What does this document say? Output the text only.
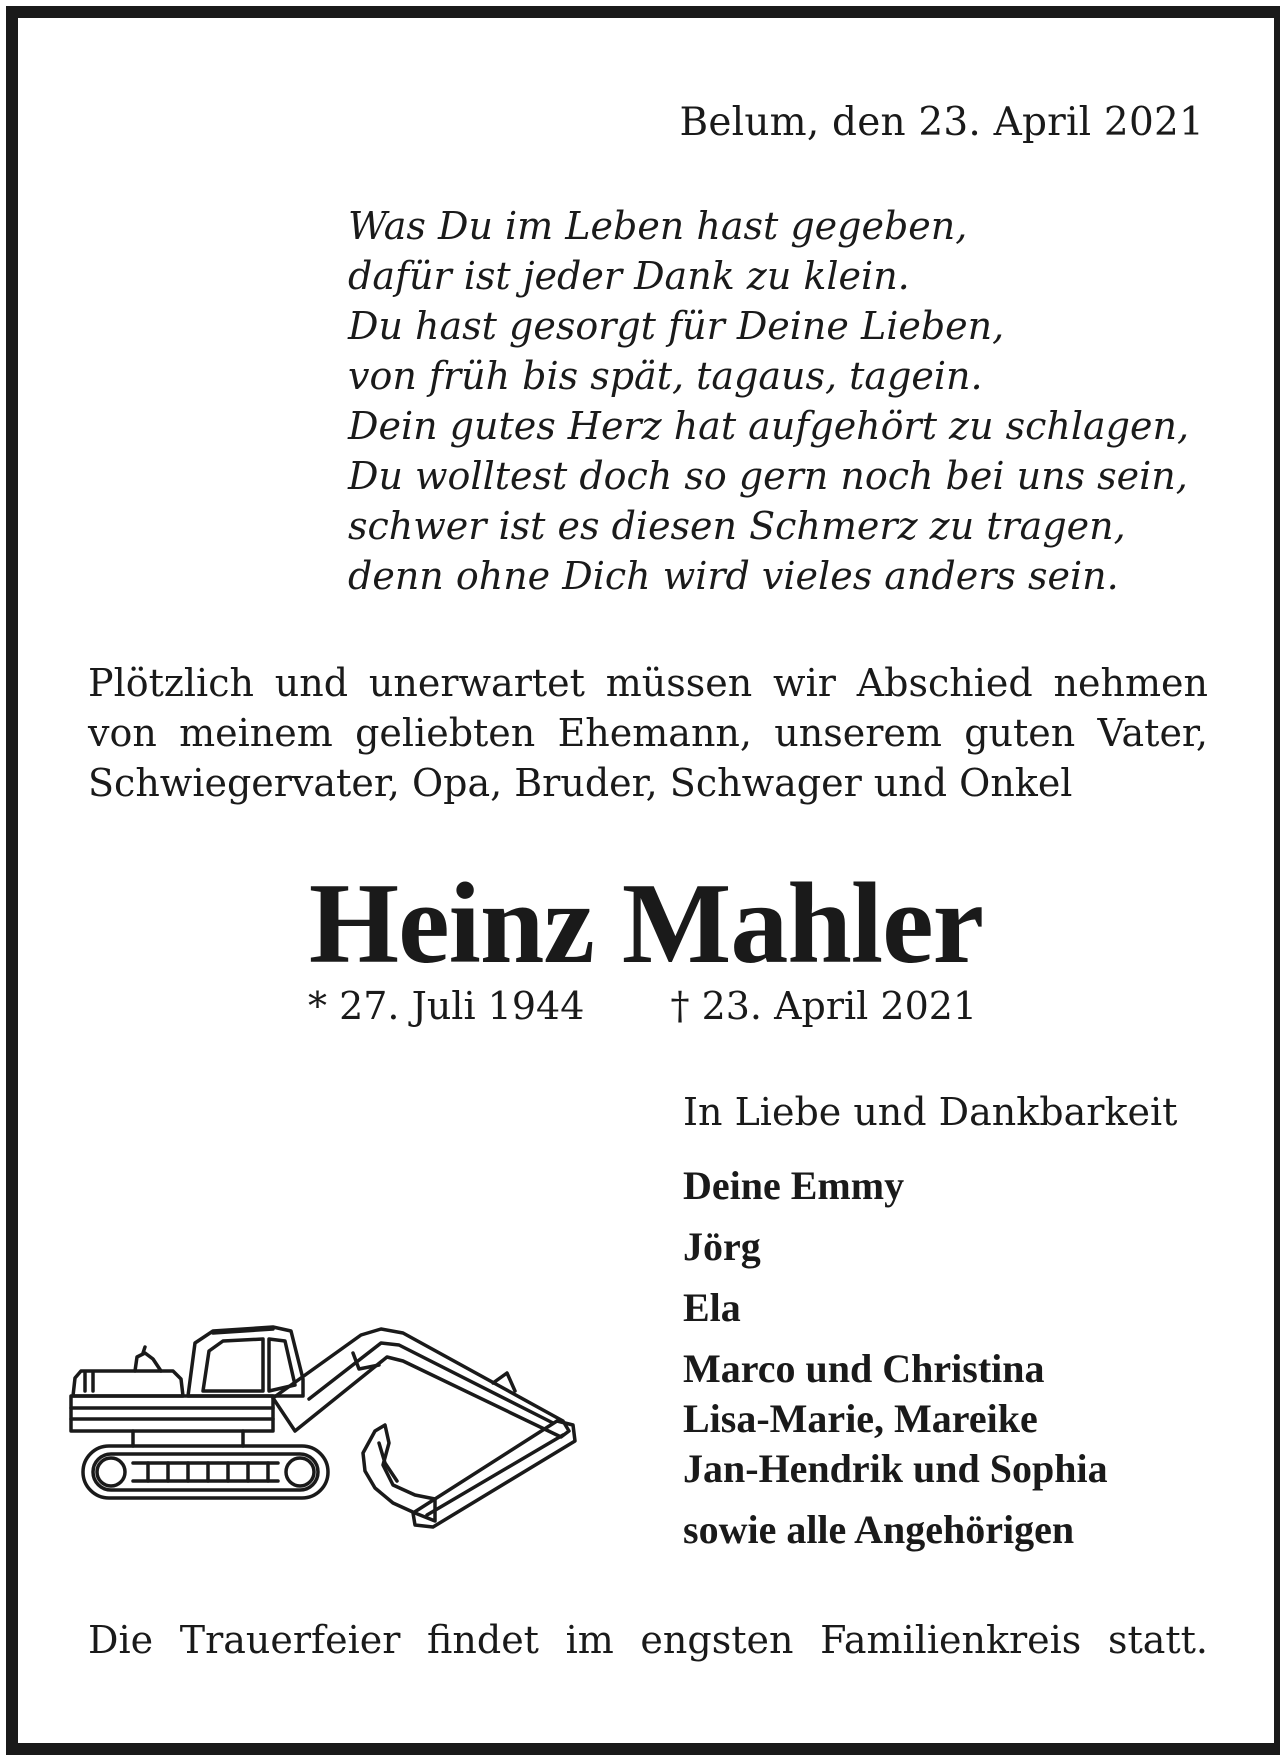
Belum, den 23. April 2021
Was Du im Leben hast gegeben,
dafür ist jeder Dank zu klein.
Du hast gesorgt für Deine Lieben,
von früh bis spät, tagaus, tagein.
Dein gutes Herz hat aufgehört zu schlagen,
Du wolltest doch so gern noch bei uns sein,
schwer ist es diesen Schmerz zu tragen,
denn ohne Dich wird vieles anders sein.
Plötzlich und unerwartet müssen wir Abschied nehmen
von meinem geliebten Ehemann, unserem guten Vater,
Schwiegervater, Opa, Bruder, Schwager und Onkel
Heinz Mahler
* 27. Juli 1944 † 23. April 2021
In Liebe und Dankbarkeit
Deine Emmy
Jörg
Ela
Marco und Christina
Lisa-Marie, Mareike
Jan-Hendrik und Sophia
sowie alle Angehörigen
Die Trauerfeier findet im engsten Familienkreis statt.
